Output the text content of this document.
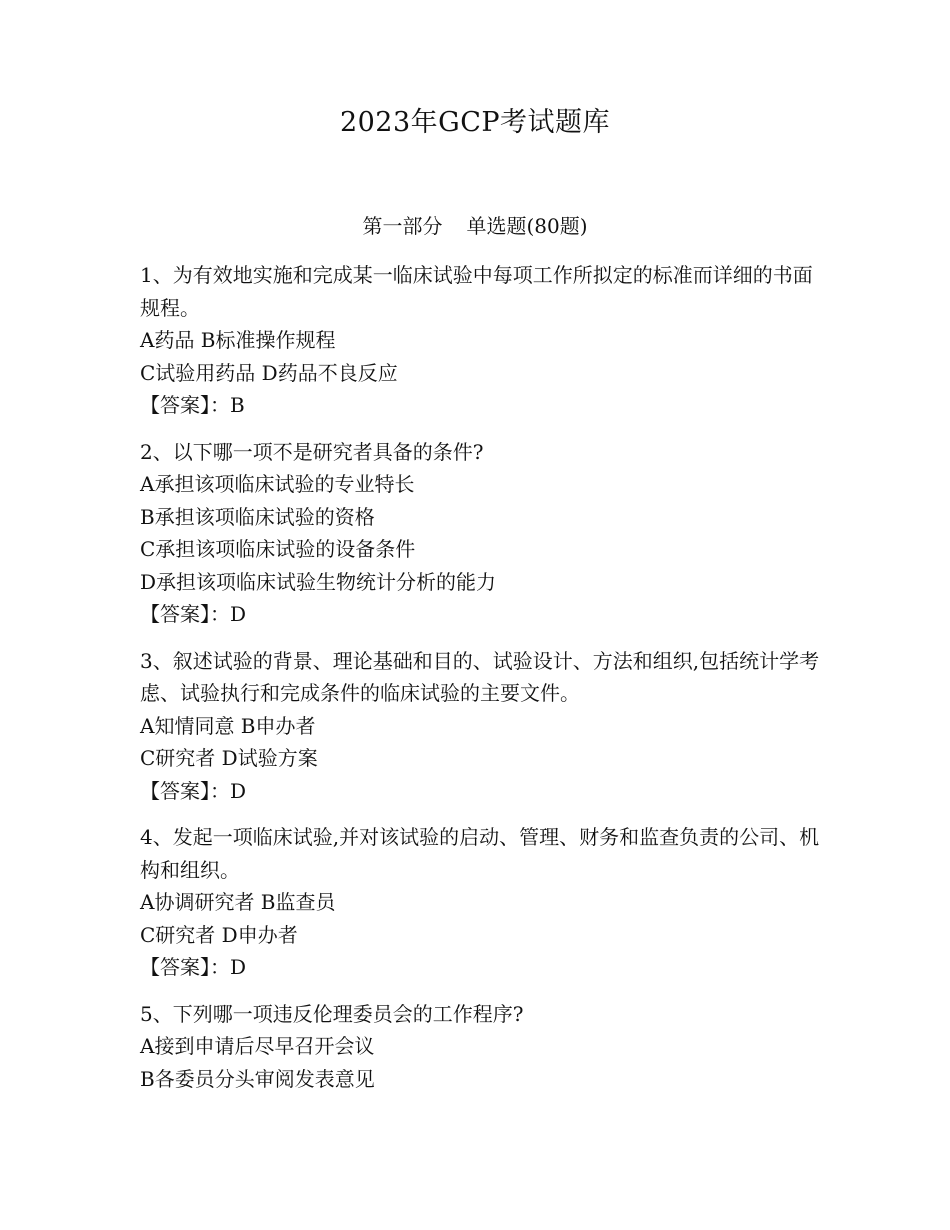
2023年GCP考试题库
第一部分 单选题(80题)
1、为有效地实施和完成某一临床试验中每项工作所拟定的标准而详细的书面规程。
A药品 B标准操作规程
C试验用药品 D药品不良反应
【答案】：B
2、以下哪一项不是研究者具备的条件?
A承担该项临床试验的专业特长
B承担该项临床试验的资格
C承担该项临床试验的设备条件
D承担该项临床试验生物统计分析的能力
【答案】：D
3、叙述试验的背景、理论基础和目的、试验设计、方法和组织,包括统计学考虑、试验执行和完成条件的临床试验的主要文件。
A知情同意 B申办者
C研究者 D试验方案
【答案】：D
4、发起一项临床试验,并对该试验的启动、管理、财务和监查负责的公司、机构和组织。
A协调研究者 B监查员
C研究者 D申办者
【答案】：D
5、下列哪一项违反伦理委员会的工作程序?
A接到申请后尽早召开会议
B各委员分头审阅发表意见
